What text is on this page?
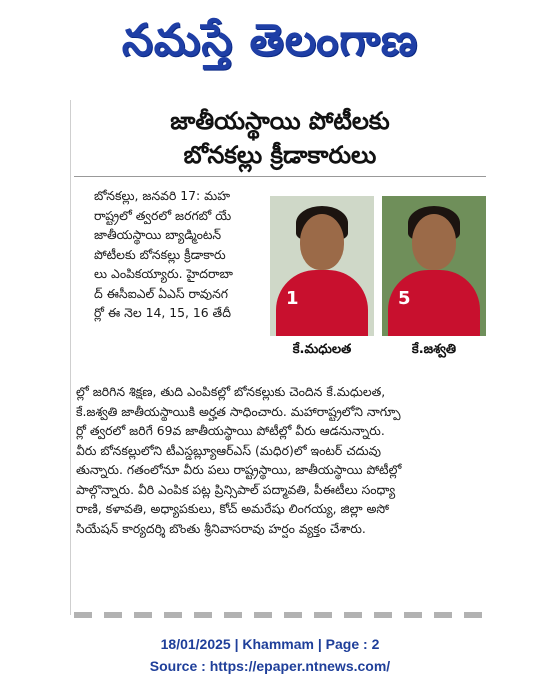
నమస్తే తెలంగాణ
జాతీయస్థాయి పోటీలకు
బోనకల్లు క్రీడాకారులు
బోనకల్లు, జనవరి 17: మహ
రాష్ట్రలో త్వరలో జరగబో యే
జాతీయస్థాయి బ్యాడ్మింటన్
పోటీలకు బోనకల్లు క్రీడాకారు
లు ఎంపికయ్యారు. హైదరాబా
ద్ ఈసీఐఎల్ ఏఎస్ రావునగ
ర్లో ఈ నెల 14, 15, 16 తేదీ
1
కే.మధులత
5
కే.జశ్వతి
ల్లో జరిగిన శిక్షణ, తుది ఎంపికల్లో బోనకల్లుకు చెందిన కే.మధులత,
కే.జశ్వతి జాతీయస్థాయికి అర్హత సాధించారు. మహారాష్ట్రలోని నాగ్పూ
ర్లో త్వరలో జరిగే 69వ జాతీయస్థాయి పోటీల్లో వీరు ఆడనున్నారు.
వీరు బోనకల్లులోని టీఎస్డబ్ల్యూఆర్ఎస్ (మధిర)లో ఇంటర్ చదువు
తున్నారు. గతంలోనూ వీరు పలు రాష్ట్రస్థాయి, జాతీయస్థాయి పోటీల్లో
పాల్గొన్నారు. వీరి ఎంపిక పట్ల ప్రిన్సిపాల్ పద్మావతి, పీఈటీలు సంధ్యా
రాణి, కళావతి, అధ్యాపకులు, కోచ్ అమరేషు లింగయ్య, జిల్లా అసో
సియేషన్ కార్యదర్శి బొంతు శ్రీనివాసరావు హర్షం వ్యక్తం చేశారు.
18/01/2025 | Khammam | Page : 2
Source : https://epaper.ntnews.com/
